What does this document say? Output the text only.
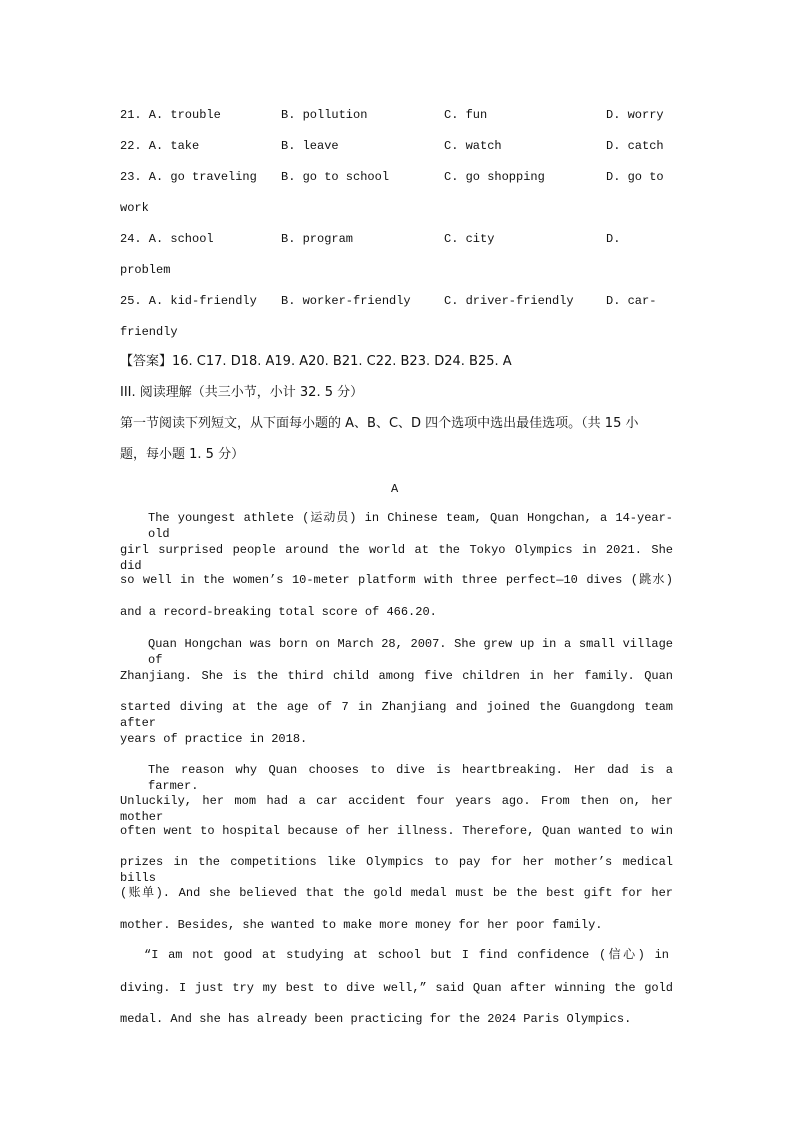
21. A. trouble	B. pollution	C. fun	D. worry
22. A. take	B. leave	C. watch	D. catch
23. A. go traveling B. go to school	C. go shopping	D. go to
work
24. A. school	B. program	C. city	D.
problem
25. A. kid-friendly B. worker-friendly	C. driver-friendly	D. car-
friendly
【答案】16. C17. D18. A19. A20. B21. C22. B23. D24. B25. A
III. 阅读理解（共三小节，小计 32. 5 分）
第一节阅读下列短文，从下面每小题的 A、B、C、D 四个选项中选出最佳选项。（共 15 小
题，每小题 1. 5 分）
A
The youngest athlete (运动员) in Chinese team, Quan Hongchan, a 14-year-old
girl surprised people around the world at the Tokyo Olympics in 2021. She did
so well in the women’s 10-meter platform with three perfect—10 dives (跳水)
and a record-breaking total score of 466.20.
Quan Hongchan was born on March 28, 2007. She grew up in a small village of
Zhanjiang. She is the third child among five children in her family. Quan
started diving at the age of 7 in Zhanjiang and joined the Guangdong team after
years of practice in 2018.
The reason why Quan chooses to dive is heartbreaking. Her dad is a farmer.
Unluckily, her mom had a car accident four years ago. From then on, her mother
often went to hospital because of her illness. Therefore, Quan wanted to win
prizes in the competitions like Olympics to pay for her mother’s medical bills
(账单). And she believed that the gold medal must be the best gift for her
mother. Besides, she wanted to make more money for her poor family.
“I am not good at studying at school but I find confidence (信心) in
diving. I just try my best to dive well,” said Quan after winning the gold
medal. And she has already been practicing for the 2024 Paris Olympics.
